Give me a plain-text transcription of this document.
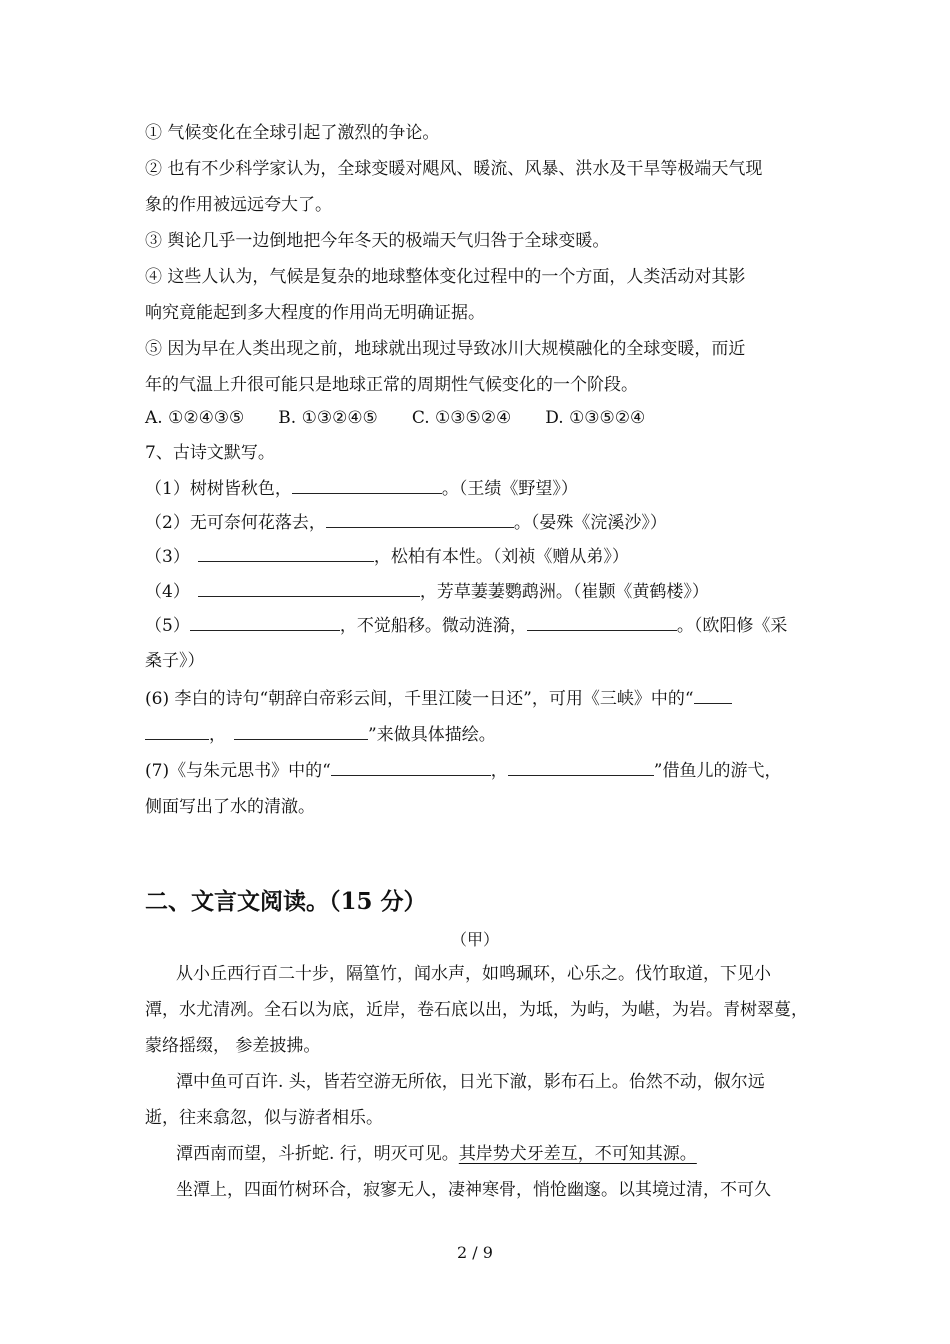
① 气候变化在全球引起了激烈的争论。
② 也有不少科学家认为，全球变暖对飓风、暖流、风暴、洪水及干旱等极端天气现
象的作用被远远夸大了。
③ 舆论几乎一边倒地把今年冬天的极端天气归咎于全球变暖。
④ 这些人认为，气候是复杂的地球整体变化过程中的一个方面，人类活动对其影
响究竟能起到多大程度的作用尚无明确证据。
⑤ 因为早在人类出现之前，地球就出现过导致冰川大规模融化的全球变暖，而近
年的气温上升很可能只是地球正常的周期性气候变化的一个阶段。
A. ①②④③⑤ B. ①③②④⑤ C. ①③⑤②④ D. ①③⑤②④
7、古诗文默写。
（1）树树皆秋色，	。（王绩《野望》）
（2）无可奈何花落去，	。（晏殊《浣溪沙》）
（3）	，松柏有本性。（刘祯《赠从弟》）
（4）	，芳草萋萋鹦鹉洲。（崔颢《黄鹤楼》）
（5）	，不觉船移。微动涟漪，	。（欧阳修《采
桑子》）
(6) 李白的诗句“朝辞白帝彩云间，千里江陵一日还”，可用《三峡》中的“
，	”来做具体描绘。
(7)《与朱元思书》中的“	，	”借鱼儿的游弋，
侧面写出了水的清澈。
二、文言文阅读。（15 分）
（甲）
从小丘西行百二十步，隔篁竹，闻水声，如鸣珮环，心乐之。伐竹取道，下见小
潭，水尤清冽。全石以为底，近岸，卷石底以出，为坻，为屿，为嵁，为岩。青树翠蔓，
蒙络摇缀， 参差披拂。
潭中鱼可百许. 头，皆若空游无所依，日光下澈，影布石上。佁然不动，俶尔远
逝，往来翕忽，似与游者相乐。
潭西南而望，斗折蛇. 行，明灭可见。其岸势犬牙差互，不可知其源。
坐潭上，四面竹树环合，寂寥无人，凄神寒骨，悄怆幽邃。以其境过清，不可久
2 / 9
